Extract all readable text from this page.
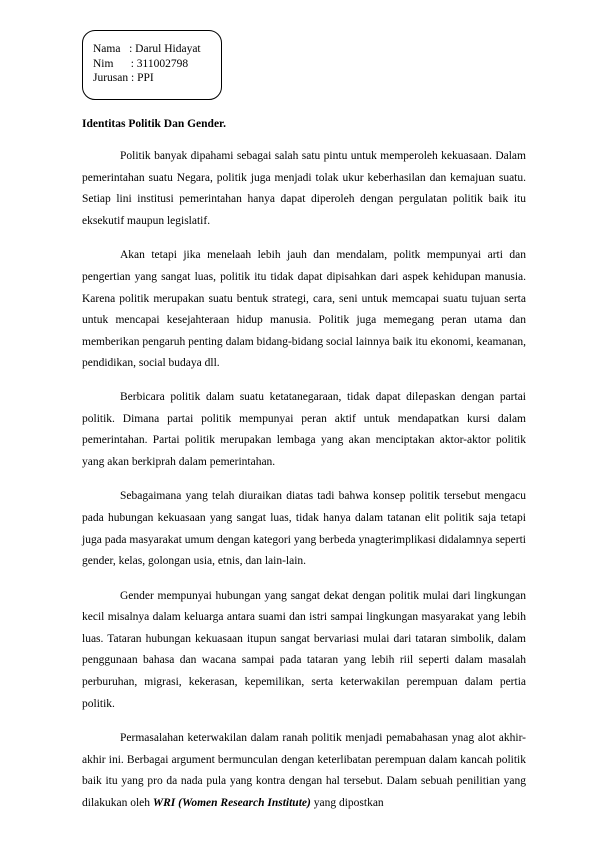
Nama   : Darul Hidayat
Nim      : 311002798
Jurusan : PPI
Identitas Politik Dan Gender.

Politik banyak dipahami sebagai salah satu pintu untuk memperoleh kekuasaan. Dalam pemerintahan suatu Negara, politik juga menjadi tolak ukur keberhasilan dan kemajuan suatu. Setiap lini institusi pemerintahan hanya dapat diperoleh dengan pergulatan politik baik itu eksekutif maupun legislatif.

Akan tetapi jika menelaah lebih jauh dan mendalam, politk mempunyai arti dan pengertian yang sangat luas, politik itu tidak dapat dipisahkan dari aspek kehidupan manusia. Karena politik merupakan suatu bentuk strategi, cara, seni untuk memcapai suatu tujuan serta untuk mencapai kesejahteraan hidup manusia. Politik juga memegang peran utama dan memberikan pengaruh penting dalam bidang-bidang social lainnya baik itu ekonomi, keamanan, pendidikan, social budaya dll.

Berbicara politik dalam suatu ketatanegaraan, tidak dapat dilepaskan dengan partai politik. Dimana partai politik mempunyai peran aktif untuk mendapatkan kursi dalam pemerintahan. Partai politik merupakan lembaga yang akan menciptakan aktor-aktor politik yang akan berkiprah dalam pemerintahan.

Sebagaimana yang telah diuraikan diatas tadi bahwa konsep politik tersebut mengacu pada hubungan kekuasaan yang sangat luas, tidak hanya dalam tatanan elit politik saja tetapi juga pada masyarakat umum dengan kategori yang berbeda ynagterimplikasi didalamnya seperti gender, kelas, golongan usia, etnis, dan lain-lain.

Gender mempunyai hubungan yang sangat dekat dengan politik mulai dari lingkungan kecil misalnya dalam keluarga antara suami dan istri sampai lingkungan masyarakat yang lebih luas. Tataran hubungan kekuasaan itupun sangat bervariasi mulai dari tataran simbolik, dalam penggunaan bahasa dan wacana sampai pada tataran yang lebih riil seperti dalam masalah perburuhan, migrasi, kekerasan, kepemilikan, serta keterwakilan perempuan dalam pertia politik.

Permasalahan keterwakilan dalam ranah politik menjadi pemabahasan ynag alot akhir-akhir ini. Berbagai argument bermunculan dengan keterlibatan perempuan dalam kancah politik baik itu yang pro da nada pula yang kontra dengan hal tersebut. Dalam sebuah penilitian yang dilakukan oleh WRI (Women Research Institute) yang dipostkan
